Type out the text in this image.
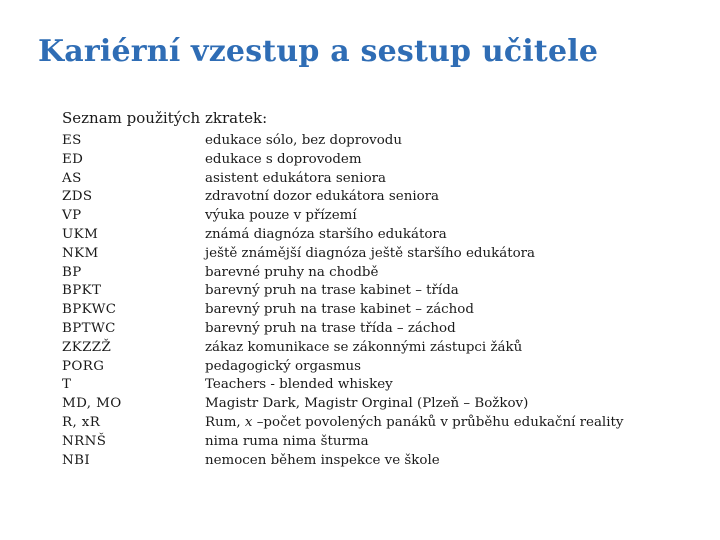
Kariérní vzestup a sestup učitele
Seznam použitých zkratek:
ES	edukace sólo, bez doprovodu
ED	edukace s doprovodem
AS	asistent edukátora seniora
ZDS	zdravotní dozor edukátora seniora
VP	výuka pouze v přízemí
UKM	známá diagnóza staršího edukátora
NKM	ještě známější diagnóza ještě staršího edukátora
BP	barevné pruhy na chodbě
BPKT	barevný pruh na trase kabinet – třída
BPKWC	barevný pruh na trase kabinet – záchod
BPTWC	barevný pruh na trase třída – záchod
ZKZZŽ	zákaz komunikace se zákonnými zástupci žáků
PORG	pedagogický orgasmus
T	Teachers - blended whiskey
MD, MO	Magistr Dark, Magistr Orginal (Plzeň – Božkov)
R, xR	Rum, x –počet povolených panáků v průběhu edukační reality
NRNŠ	nima ruma nima šturma
NBI	nemocen během inspekce ve škole
